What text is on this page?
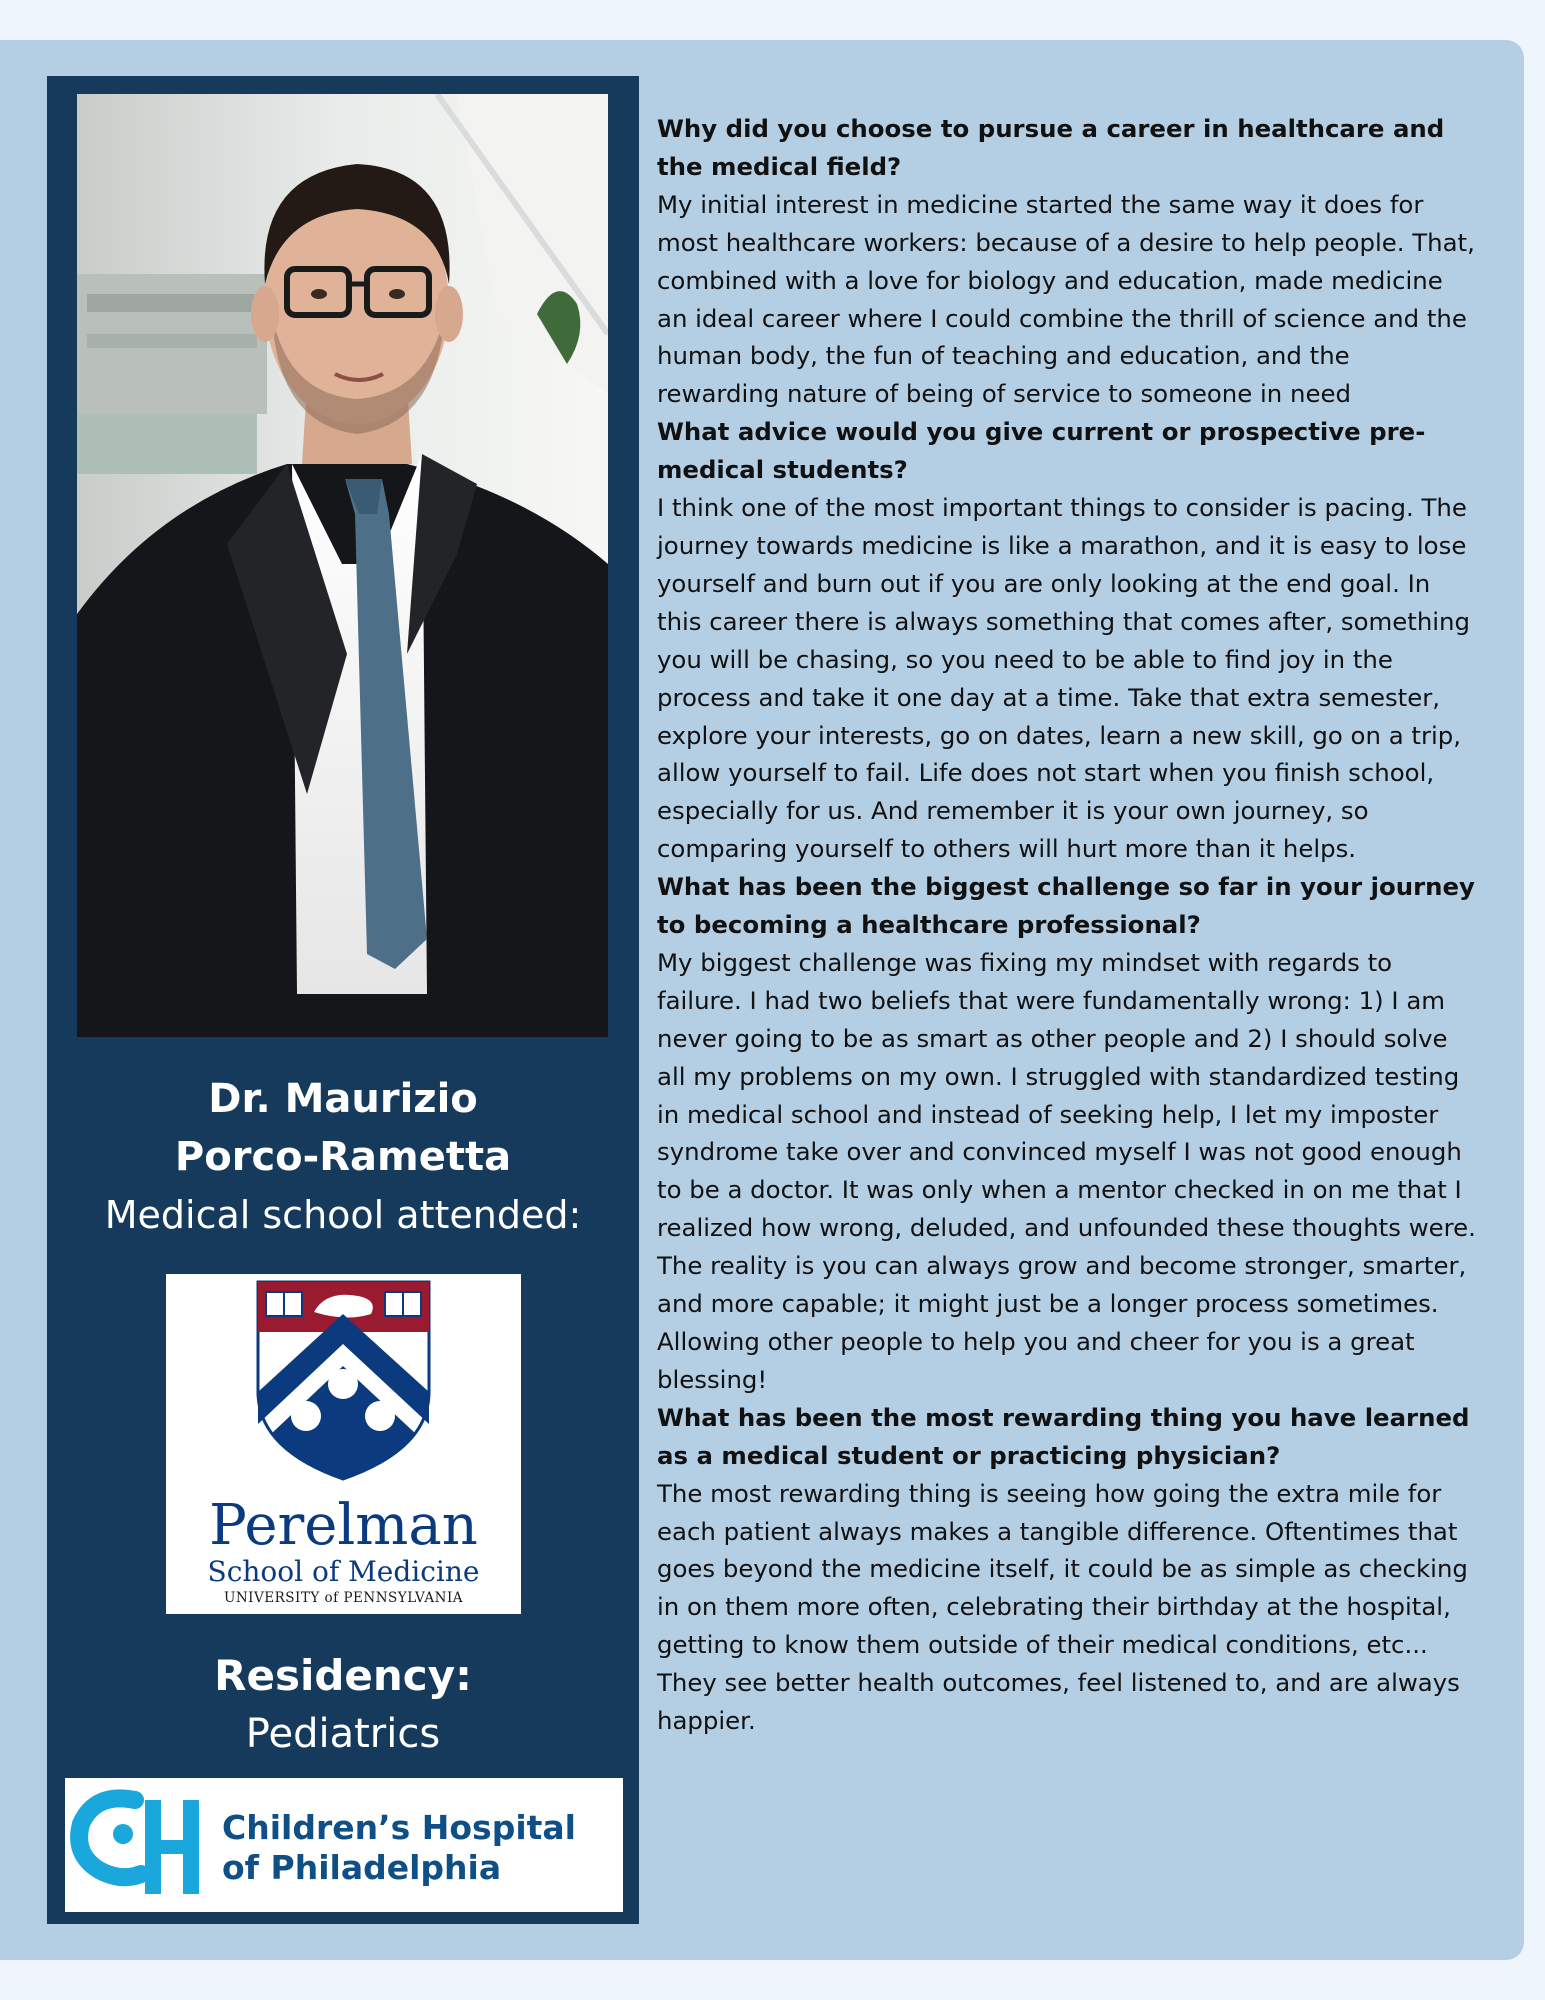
Dr. Maurizio
Porco-Rametta
Medical school attended:
Perelman
School of Medicine
UNIVERSITY of PENNSYLVANIA
Residency:
Pediatrics
Children’s Hospital
of Philadelphia

Why did you choose to pursue a career in healthcare and the medical field?

My initial interest in medicine started the same way it does for most healthcare workers: because of a desire to help people. That, combined with a love for biology and education, made medicine an ideal career where I could combine the thrill of science and the human body, the fun of teaching and education, and the rewarding nature of being of service to someone in need

What advice would you give current or prospective pre-medical students?

I think one of the most important things to consider is pacing. The journey towards medicine is like a marathon, and it is easy to lose yourself and burn out if you are only looking at the end goal. In this career there is always something that comes after, something you will be chasing, so you need to be able to find joy in the process and take it one day at a time. Take that extra semester, explore your interests, go on dates, learn a new skill, go on a trip, allow yourself to fail. Life does not start when you finish school, especially for us. And remember it is your own journey, so comparing yourself to others will hurt more than it helps.

What has been the biggest challenge so far in your journey to becoming a healthcare professional?

My biggest challenge was fixing my mindset with regards to failure. I had two beliefs that were fundamentally wrong: 1) I am never going to be as smart as other people and 2) I should solve all my problems on my own. I struggled with standardized testing in medical school and instead of seeking help, I let my imposter syndrome take over and convinced myself I was not good enough to be a doctor. It was only when a mentor checked in on me that I realized how wrong, deluded, and unfounded these thoughts were. The reality is you can always grow and become stronger, smarter, and more capable; it might just be a longer process sometimes. Allowing other people to help you and cheer for you is a great blessing!

What has been the most rewarding thing you have learned as a medical student or practicing physician?

The most rewarding thing is seeing how going the extra mile for each patient always makes a tangible difference. Oftentimes that goes beyond the medicine itself, it could be as simple as checking in on them more often, celebrating their birthday at the hospital, getting to know them outside of their medical conditions, etc... They see better health outcomes, feel listened to, and are always happier.
